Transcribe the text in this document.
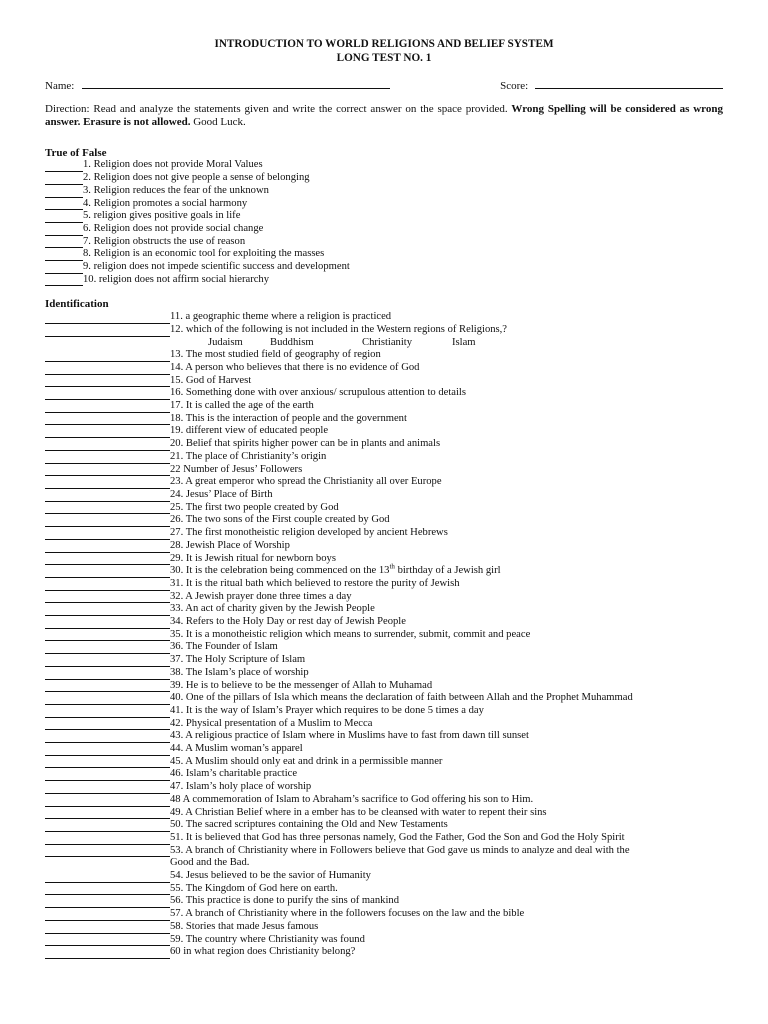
INTRODUCTION TO WORLD RELIGIONS AND BELIEF SYSTEM
LONG TEST NO. 1
Name:	Score:
Direction: Read and analyze the statements given and write the correct answer on the space provided. Wrong Spelling will be considered as wrong answer. Erasure is not allowed. Good Luck.
True of False
1. Religion does not provide Moral Values
2. Religion does not give people a sense of belonging
3. Religion reduces the fear of the unknown
4. Religion promotes a social harmony
5. religion gives positive goals in life
6. Religion does not provide social change
7. Religion obstructs the use of reason
8. Religion is an economic tool for exploiting the masses
9. religion does not impede scientific success and development
10. religion does not affirm social hierarchy
Identification
11. a geographic theme where a religion is practiced
12. which of the following is not included in the Western regions of Religions,?
Judaism	Buddhism	Christianity	Islam
13. The most studied field of geography of region
14. A person who believes that there is no evidence of God
15. God of Harvest
16. Something done with over anxious/ scrupulous attention to details
17. It is called the age of the earth
18. This is the interaction of people and the government
19. different view of educated people
20. Belief that spirits higher power can be in plants and animals
21. The place of Christianity’s origin
22 Number of Jesus’ Followers
23. A great emperor who spread the Christianity all over Europe
24. Jesus’ Place of Birth
25. The first two people created by God
26. The two sons of the First couple created by God
27. The first monotheistic religion developed by ancient Hebrews
28. Jewish Place of Worship
29. It is Jewish ritual for newborn boys
30. It is the celebration being commenced on the 13th birthday of a Jewish girl
31. It is the ritual bath which believed to restore the purity of Jewish
32. A Jewish prayer done three times a day
33. An act of charity given by the Jewish People
34. Refers to the Holy Day or rest day of Jewish People
35. It is a monotheistic religion which means to surrender, submit, commit and peace
36. The Founder of Islam
37. The Holy Scripture of Islam
38. The Islam’s place of worship
39. He is to believe to be the messenger of Allah to Muhamad
40. One of the pillars of Isla which means the declaration of faith between Allah and the Prophet Muhammad
41. It is the way of Islam’s Prayer which requires to be done 5 times a day
42. Physical presentation of a Muslim to Mecca
43. A religious practice of Islam where in Muslims have to fast from dawn till sunset
44. A Muslim woman’s apparel
45. A Muslim should only eat and drink in a permissible manner
46. Islam’s charitable practice
47. Islam’s holy place of worship
48 A commemoration of Islam to Abraham’s sacrifice to God offering his son to Him.
49. A Christian Belief where in a ember has to be cleansed with water to repent their sins
50. The sacred scriptures containing the Old and New Testaments
51. It is believed that God has three personas namely, God the Father, God the Son and God the Holy Spirit
53. A branch of Christianity where in Followers believe that God gave us minds to analyze and deal with the
Good and the Bad.
54. Jesus believed to be the savior of Humanity
55. The Kingdom of God here on earth.
56. This practice is done to purify the sins of mankind
57. A branch of Christianity where in the followers focuses on the law and the bible
58. Stories that made Jesus famous
59. The country where Christianity was found
60 in what region does Christianity belong?
